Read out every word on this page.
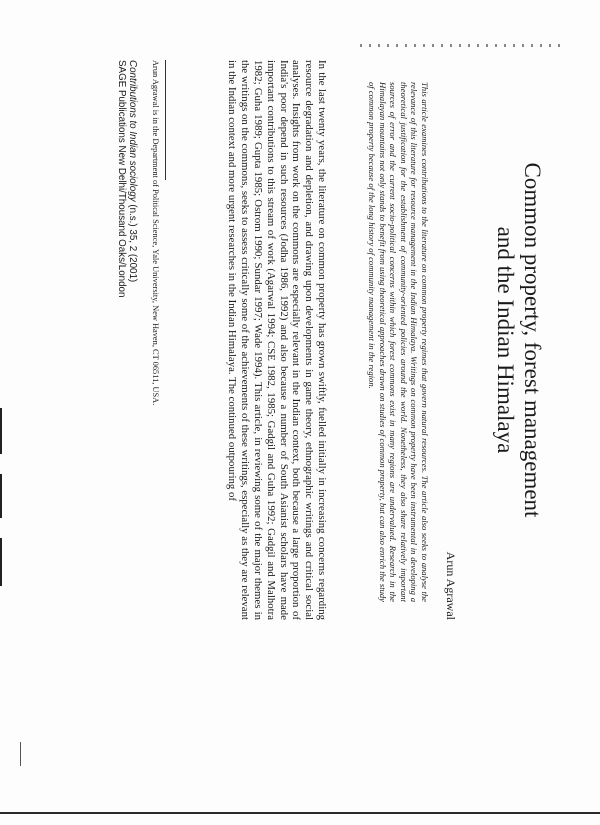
Common property, forest management
and the Indian Himalaya
Arun Agrawal

This article examines contributions to the literature on common property regimes that govern natural resources. The article also seeks to analyse the relevance of this literature for resource management in the Indian Himalaya. Writings on common property have been instrumental in developing a theoretical justification for the establishment of community-oriented policies around the world. Nonetheless, they also share relatively important sources of error and the current socio-political concerns within which forest commons exist in many regions are undervalued. Research in the Himalayan mountains not only stands to benefit from using theoretical approaches drawn on studies of common property, but can also enrich the study of common property because of the long history of community management in the region.

In the last twenty years, the literature on common property has grown swiftly, fuelled initially in increasing concerns regarding resource degradation and depletion, and drawing upon developments in game theory, ethnographic writings and critical social analyses. Insights from work on the commons are especially relevant in the Indian context, both because a large proportion of India's poor depend in such resources (Jodha 1986, 1992) and also because a number of South Asianist scholars have made important contributions to this stream of work (Agarwal 1994; CSE 1982, 1985; Gadgil and Guha 1992; Gadgil and Malhotra 1982; Guha 1989; Gupta 1985; Ostrom 1990; Sundar 1997; Wade 1994). This article, in reviewing some of the major themes in the writings on the commons, seeks to assess critically some of the achievements of these writings, especially as they are relevant in the Indian context and more urgent researches in the Indian Himalaya. The continued outpouring of

Arun Agrawal is in the Department of Political Science, Yale University, New Haven, CT 06511, USA.

Contributions to Indian sociology (n.s.) 35, 2 (2001)
SAGE Publications New Delhi/Thousand Oaks/London
